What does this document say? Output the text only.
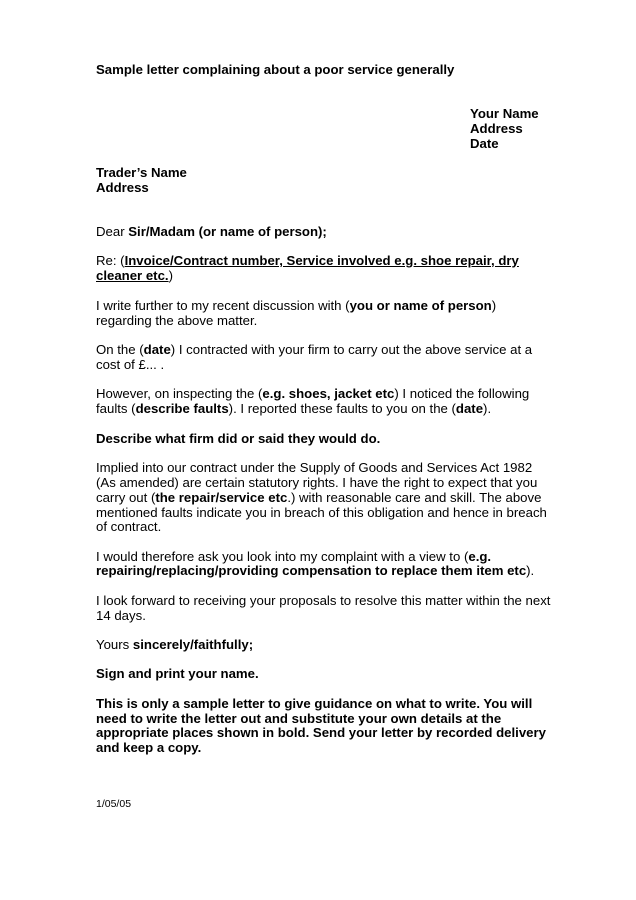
Sample letter complaining about a poor service generally
Your Name
Address
Date
Trader’s Name
Address
Dear Sir/Madam (or name of person);
Re: (Invoice/Contract number, Service involved e.g. shoe repair, dry
cleaner etc.)
I write further to my recent discussion with (you or name of person)
regarding the above matter.
On the (date) I contracted with your firm to carry out the above service at a
cost of £... .
However, on inspecting the (e.g. shoes, jacket etc) I noticed the following
faults (describe faults). I reported these faults to you on the (date).
Describe what firm did or said they would do.
Implied into our contract under the Supply of Goods and Services Act 1982
(As amended) are certain statutory rights. I have the right to expect that you
carry out (the repair/service etc.) with reasonable care and skill. The above
mentioned faults indicate you in breach of this obligation and hence in breach
of contract.
I would therefore ask you look into my complaint with a view to (e.g.
repairing/replacing/providing compensation to replace them item etc).
I look forward to receiving your proposals to resolve this matter within the next
14 days.
Yours sincerely/faithfully;
Sign and print your name.
This is only a sample letter to give guidance on what to write. You will
need to write the letter out and substitute your own details at the
appropriate places shown in bold. Send your letter by recorded delivery
and keep a copy.
1/05/05
